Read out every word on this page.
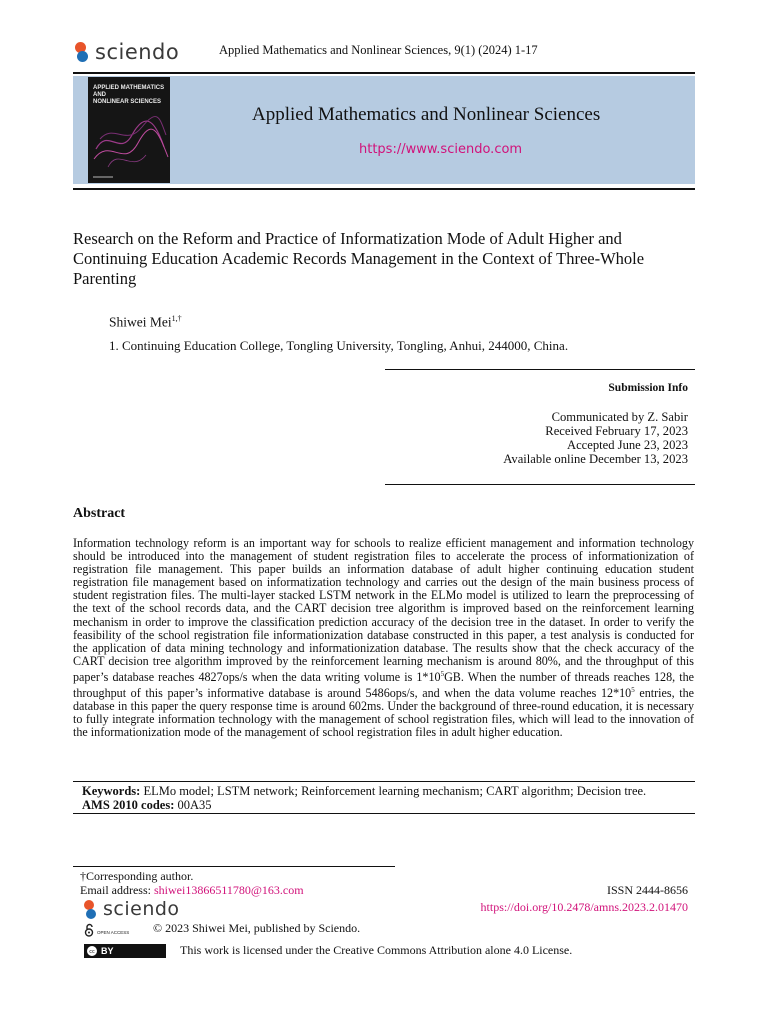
sciendo	Applied Mathematics and Nonlinear Sciences, 9(1) (2024) 1-17
APPLIED MATHEMATICS AND
NONLINEAR SCIENCES
Applied Mathematics and Nonlinear Sciences
https://www.sciendo.com
Research on the Reform and Practice of Informatization Mode of Adult Higher and Continuing Education Academic Records Management in the Context of Three-Whole Parenting
Shiwei Mei$^{1,\dagger}$
1. Continuing Education College, Tongling University, Tongling, Anhui, 244000, China.
Submission Info
Communicated by Z. Sabir
Received February 17, 2023
Accepted June 23, 2023
Available online December 13, 2023
Abstract

Information technology reform is an important way for schools to realize efficient management and information technology should be introduced into the management of student registration files to accelerate the process of informationization of registration file management. This paper builds an information database of adult higher continuing education student registration file management based on informatization technology and carries out the design of the main business process of student registration files. The multi-layer stacked LSTM network in the ELMo model is utilized to learn the preprocessing of the text of the school records data, and the CART decision tree algorithm is improved based on the reinforcement learning mechanism in order to improve the classification prediction accuracy of the decision tree in the dataset. In order to verify the feasibility of the school registration file informationization database constructed in this paper, a test analysis is conducted for the application of data mining technology and informationization database. The results show that the check accuracy of the CART decision tree algorithm improved by the reinforcement learning mechanism is around 80%, and the throughput of this paper’s database reaches 4827ops/s when the data writing volume is $1*10^5GB$. When the number of threads reaches 128, the throughput of this paper’s informative database is around 5486ops/s, and when the data volume reaches $12*10^5$ entries, the database in this paper the query response time is around 602ms. Under the background of three-round education, it is necessary to fully integrate information technology with the management of school registration files, which will lead to the innovation of the informationization mode of the management of school registration files in adult higher education.

Keywords: ELMo model; LSTM network; Reinforcement learning mechanism; CART algorithm; Decision tree.
AMS 2010 codes: 00A35
†Corresponding author.
Email address: shiwei13866511780@163.com	ISSN 2444-8656
https://doi.org/10.2478/amns.2023.2.01470
sciendo
OPEN ACCESS © 2023 Shiwei Mei, published by Sciendo.
cc BY	This work is licensed under the Creative Commons Attribution alone 4.0 License.
